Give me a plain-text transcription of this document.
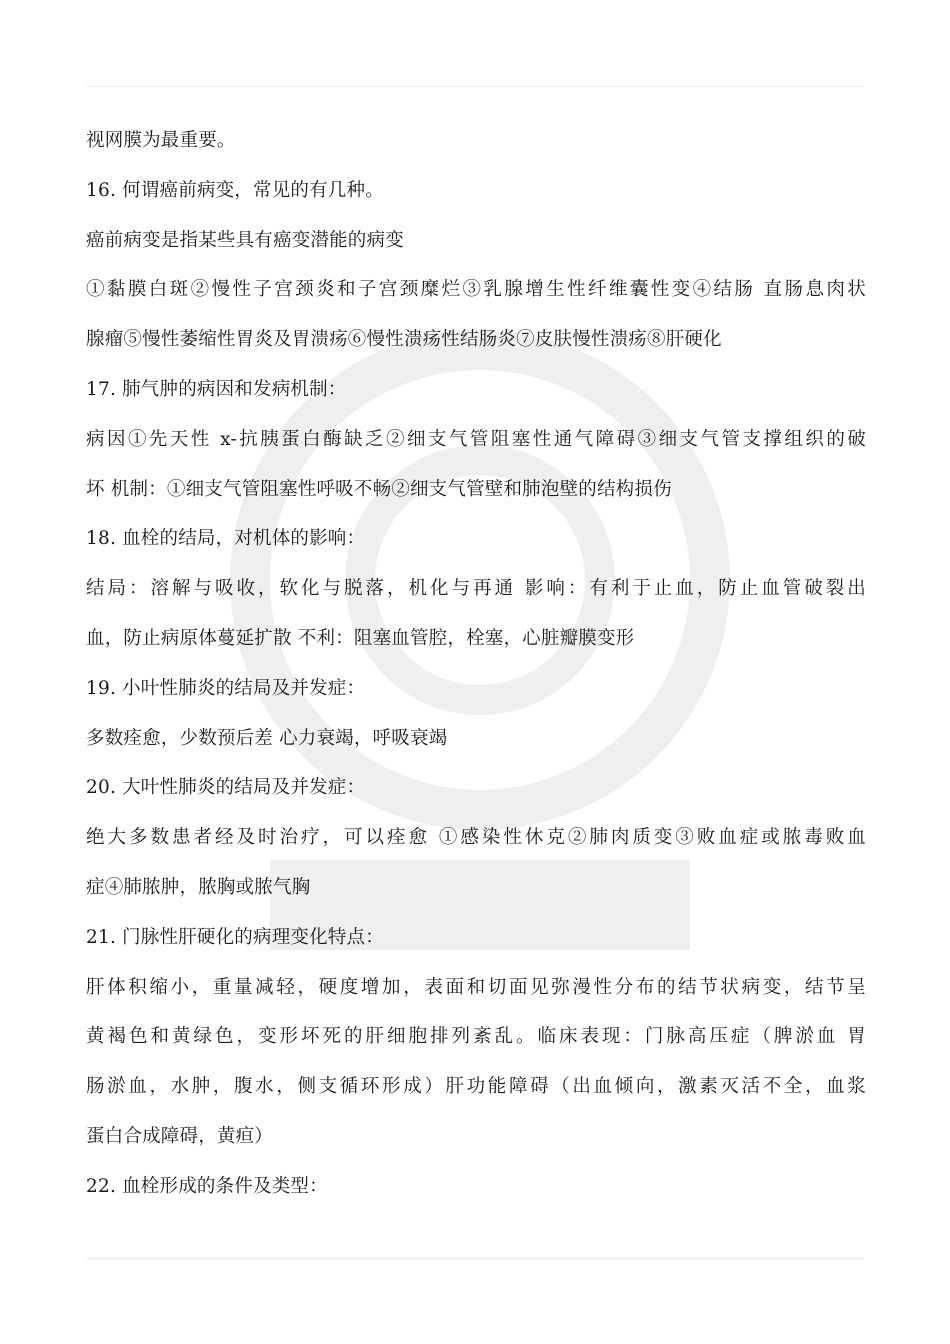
视网膜为最重要。
16. 何谓癌前病变，常见的有几种。
癌前病变是指某些具有癌变潜能的病变
①黏膜白斑②慢性子宫颈炎和子宫颈糜烂③乳腺增生性纤维囊性变④结肠 直肠息肉状
腺瘤⑤慢性萎缩性胃炎及胃溃疡⑥慢性溃疡性结肠炎⑦皮肤慢性溃疡⑧肝硬化
17. 肺气肿的病因和发病机制：
病因①先天性 x-抗胰蛋白酶缺乏②细支气管阻塞性通气障碍③细支气管支撑组织的破
坏 机制：①细支气管阻塞性呼吸不畅②细支气管壁和肺泡壁的结构损伤
18. 血栓的结局，对机体的影响：
结局：溶解与吸收，软化与脱落，机化与再通 影响：有利于止血，防止血管破裂出
血，防止病原体蔓延扩散 不利：阻塞血管腔，栓塞，心脏瓣膜变形
19. 小叶性肺炎的结局及并发症：
多数痊愈，少数预后差 心力衰竭，呼吸衰竭
20. 大叶性肺炎的结局及并发症：
绝大多数患者经及时治疗，可以痊愈 ①感染性休克②肺肉质变③败血症或脓毒败血
症④肺脓肿，脓胸或脓气胸
21. 门脉性肝硬化的病理变化特点：
肝体积缩小，重量减轻，硬度增加，表面和切面见弥漫性分布的结节状病变，结节呈
黄褐色和黄绿色，变形坏死的肝细胞排列紊乱。临床表现：门脉高压症（脾淤血 胃
肠淤血，水肿，腹水，侧支循环形成）肝功能障碍（出血倾向，激素灭活不全，血浆
蛋白合成障碍，黄疸）
22. 血栓形成的条件及类型：
